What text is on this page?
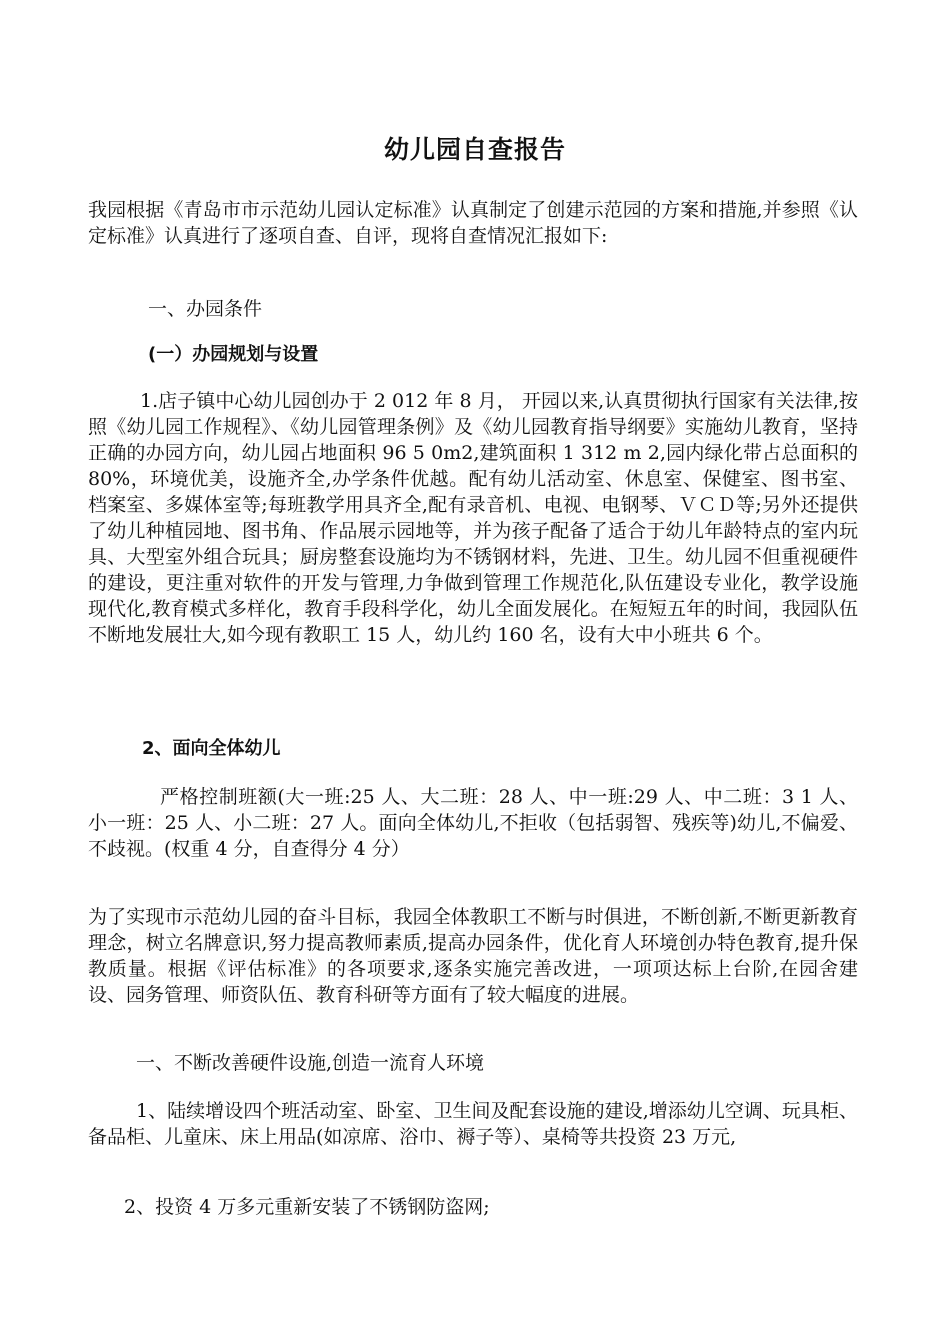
幼儿园自查报告

我园根据《青岛市市示范幼儿园认定标准》认真制定了创建示范园的方案和措施,并参照《认定标准》认真进行了逐项自查、自评，现将自查情况汇报如下:

一、办园条件

(一）办园规划与设置

1.店子镇中心幼儿园创办于 2 012 年 8 月， 开园以来,认真贯彻执行国家有关法律,按照《幼儿园工作规程》、《幼儿园管理条例》及《幼儿园教育指导纲要》实施幼儿教育，坚持正确的办园方向，幼儿园占地面积 96 5 0m2,建筑面积 1 312 m 2,园内绿化带占总面积的 80%，环境优美，设施齐全,办学条件优越。配有幼儿活动室、休息室、保健室、图书室、档案室、多媒体室等;每班教学用具齐全,配有录音机、电视、电钢琴、ＶＣＤ等;另外还提供了幼儿种植园地、图书角、作品展示园地等，并为孩子配备了适合于幼儿年龄特点的室内玩具、大型室外组合玩具；厨房整套设施均为不锈钢材料，先进、卫生。幼儿园不但重视硬件的建设，更注重对软件的开发与管理,力争做到管理工作规范化,队伍建设专业化，教学设施现代化,教育模式多样化，教育手段科学化，幼儿全面发展化。在短短五年的时间，我园队伍不断地发展壮大,如今现有教职工 15 人，幼儿约 160 名，设有大中小班共 6 个。

2、面向全体幼儿

严格控制班额(大一班:25 人、大二班：28 人、中一班:29 人、中二班：3 1 人、小一班：25 人、小二班：27 人。面向全体幼儿,不拒收（包括弱智、残疾等)幼儿,不偏爱、不歧视。(权重 4 分，自查得分 4 分）

为了实现市示范幼儿园的奋斗目标，我园全体教职工不断与时俱进，不断创新,不断更新教育理念，树立名牌意识,努力提高教师素质,提高办园条件，优化育人环境创办特色教育,提升保教质量。根据《评估标准》的各项要求,逐条实施完善改进，一项项达标上台阶,在园舍建设、园务管理、师资队伍、教育科研等方面有了较大幅度的进展。

一、不断改善硬件设施,创造一流育人环境

1、陆续增设四个班活动室、卧室、卫生间及配套设施的建设,增添幼儿空调、玩具柜、备品柜、儿童床、床上用品(如凉席、浴巾、褥子等）、桌椅等共投资 23 万元,

2、投资 4 万多元重新安装了不锈钢防盗网;
